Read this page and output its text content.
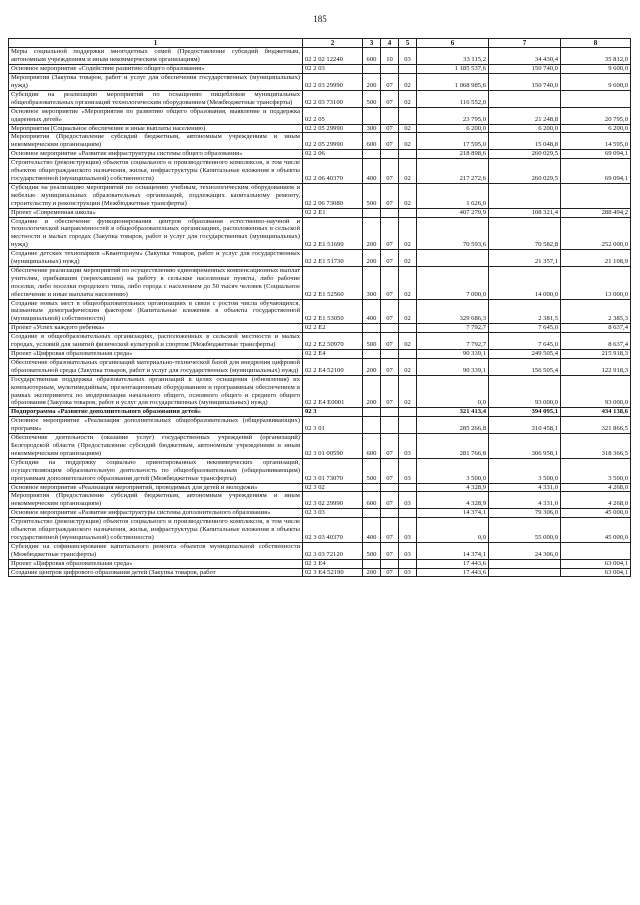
185
1	2	3	4	5	6	7	8
Меры социальной поддержки многодетных семей (Предоставление субсидий бюджетным, автономным учреждениям и иным некоммерческим организациям)	02 2 02 12240	600	10	03	33 115,2	34 430,4	35 812,0
Основное мероприятие «Содействие развитию общего образования»	02 2 03				1 185 537,6	150 740,0	9 600,0
Мероприятия (Закупка товаров, работ и услуг для обеспечения государственных (муниципальных) нужд)	02 2 03 29990	200	07	02	1 068 985,6	150 740,0	9 600,0
Субсидии на реализацию мероприятий по оснащению пищеблоков муниципальных общеобразовательных организаций технологическим оборудованием (Межбюджетные трансферты)	02 2 03 73100	500	07	02	116 552,0		
Основное мероприятие «Мероприятия по развитию общего образования, выявление и поддержка одаренных детей»	02 2 05				23 795,0	21 248,8	20 795,0
Мероприятия (Социальное обеспечение и иные выплаты населению)	02 2 05 29990	300	07	02	6 200,0	6 200,0	6 200,0
Мероприятия (Предоставление субсидий бюджетным, автономным учреждениям и иным некоммерческим организациям)	02 2 05 29990	600	07	02	17 595,0	15 048,8	14 595,0
Основное мероприятие «Развитие инфраструктуры системы общего образования»	02 2 06				218 898,6	260 029,5	69 094,1
Строительство (реконструкция) объектов социального и производственного комплексов, в том числе объектов общегражданского назначения, жилья, инфраструктуры (Капитальные вложения в объекты государственной (муниципальной) собственности)	02 2 06 40370	400	07	02	217 272,6	260 029,5	69 094,1
Субсидии на реализацию мероприятий по оснащению учебным, технологическим оборудованием и мебелью муниципальных образовательных организаций, подлежащих капитальному ремонту, строительству и реконструкции (Межбюджетные трансферты)	02 2 06 73080	500	07	02	1 626,0		
Проект «Современная школа»	02 2 E1				407 279,9	108 321,4	288 494,2
Создание и обеспечение функционирования центров образования естественно-научной и технологической направленностей в общеобразовательных организациях, расположенных в сельской местности и малых городах (Закупка товаров, работ и услуг для государственных (муниципальных) нужд)	02 2 E1 51690	200	07	02	70 593,6	70 582,8	252 000,0
Создание детских технопарков «Кванториум» (Закупка товаров, работ и услуг для государственных (муниципальных) нужд)	02 2 E1 51730	200	07	02		21 357,1	21 108,9
Обеспечение реализации мероприятий по осуществлению единовременных компенсационных выплат учителям, прибывшим (переехавшим) на работу в сельские населенные пункты, либо рабочие поселки, либо поселки городского типа, либо города с населением до 50 тысяч человек (Социальное обеспечение и иные выплаты населению)	02 2 E1 52560	300	07	02	7 000,0	14 000,0	13 000,0
Создание новых мест в общеобразовательных организациях в связи с ростом числа обучающихся, вызванным демографическим фактором (Капитальные вложения в объекты государственной (муниципальной) собственности)	02 2 E1 53050	400	07	02	329 686,3	2 381,5	2 385,3
Проект «Успех каждого ребенка»	02 2 E2				7 792,7	7 645,0	8 637,4
Создание в общеобразовательных организациях, расположенных в сельской местности и малых городах, условий для занятий физической культурой и спортом (Межбюджетные трансферты)	02 2 E2 50970	500	07	02	7 792,7	7 645,0	8 637,4
Проект «Цифровая образовательная среда»	02 2 E4				90 339,1	249 505,4	215 918,3
Обеспечение образовательных организаций материально-технической базой для внедрения цифровой образовательной среды (Закупка товаров, работ и услуг для государственных (муниципальных) нужд)	02 2 E4 52100	200	07	02	90 339,1	156 505,4	122 918,3
Государственная поддержка образовательных организаций в целях оснащения (обновления) их компьютерным, мультимедийным, презентационным оборудованием и программным обеспечением в рамках эксперимента по модернизации начального общего, основного общего и среднего общего образования (Закупка товаров, работ и услуг для государственных (муниципальных) нужд)	02 2 E4 E0001	200	07	02	0,0	93 000,0	93 000,0
Подпрограмма «Развитие дополнительного образования детей»	02 3				321 413,4	394 095,1	434 138,6
Основное мероприятие «Реализация дополнительных общеобразовательных (общеразвивающих) программ»	02 3 01				285 266,8	310 458,1	321 866,5
Обеспечение деятельности (оказание услуг) государственных учреждений (организаций) Белгородской области (Предоставление субсидий бюджетным, автономным учреждениям и иным некоммерческим организациям)	02 3 01 00590	600	07	03	281 766,8	306 958,1	318 366,5
Субсидии на поддержку социально ориентированных некоммерческих организаций, осуществляющим образовательную деятельность по общеобразовательным (общеразвивающим) программам дополнительного образования детей (Межбюджетные трансферты)	02 3 01 73070	500	07	03	3 500,0	3 500,0	3 500,0
Основное мероприятие «Реализация мероприятий, проводимых для детей и молодежи»	02 3 02				4 328,9	4 331,0	4 268,0
Мероприятия (Предоставление субсидий бюджетным, автономным учреждениям и иным некоммерческим организациям)	02 3 02 29990	600	07	03	4 328,9	4 331,0	4 268,0
Основное мероприятие «Развитие инфраструктуры системы дополнительного образования»	02 3 03				14 374,1	79 306,0	45 000,0
Строительство (реконструкция) объектов социального и производственного комплексов, в том числе объектов общегражданского назначения, жилья, инфраструктуры (Капитальные вложения в объекты государственной (муниципальной) собственности)	02 3 03 40370	400	07	03	0,0	55 000,0	45 000,0
Субсидии на софинансирование капитального ремонта объектов муниципальной собственности (Межбюджетные трансферты)	02 3 03 72120	500	07	03	14 374,1	24 306,0	
Проект «Цифровая образовательная среда»	02 3 E4				17 443,6		63 004,1
Создание центров цифрового образования детей (Закупка товаров, работ	02 3 E4 52190	200	07	03	17 443,6		63 004,1
